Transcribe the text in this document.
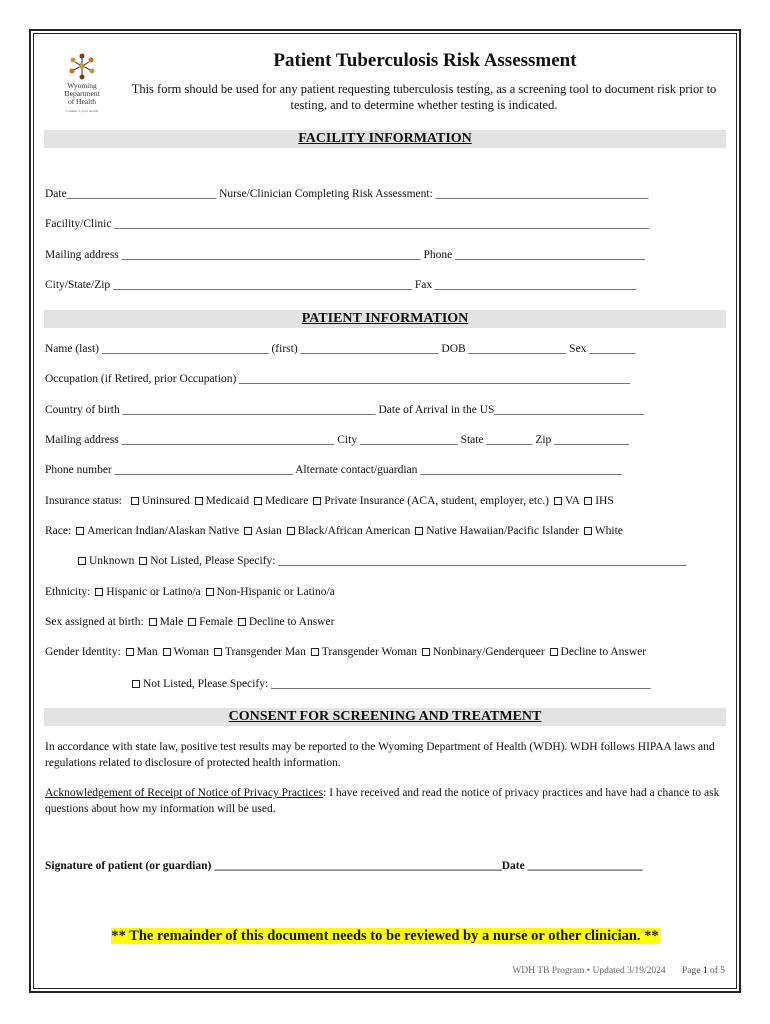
Wyoming
Department
of Health
Commit to your health.
Patient Tuberculosis Risk Assessment
This form should be used for any patient requesting tuberculosis testing, as a screening tool to document risk prior to testing, and to determine whether testing is indicated.
FACILITY INFORMATION
Date__________________________ Nurse/Clinician Completing Risk Assessment: _____________________________________
Facility/Clinic _____________________________________________________________________________________________
Mailing address ____________________________________________________ Phone _________________________________
City/State/Zip ____________________________________________________ Fax ___________________________________
PATIENT INFORMATION
Name (last) _____________________________ (first) ________________________ DOB _________________ Sex ________
Occupation (if Retired, prior Occupation) ____________________________________________________________________
Country of birth ____________________________________________ Date of Arrival in the US__________________________
Mailing address _____________________________________ City _________________ State ________ Zip _____________
Phone number _______________________________ Alternate contact/guardian ___________________________________
Insurance status: Uninsured Medicaid Medicare Private Insurance (ACA, student, employer, etc.) VA IHS
Race: American Indian/Alaskan Native Asian Black/African American Native Hawaiian/Pacific Islander White
Unknown Not Listed, Please Specify: _______________________________________________________________________
Ethnicity: Hispanic or Latino/a Non-Hispanic or Latino/a
Sex assigned at birth: Male Female Decline to Answer
Gender Identity: Man Woman Transgender Man Transgender Woman Nonbinary/Genderqueer Decline to Answer
Not Listed, Please Specify: __________________________________________________________________
CONSENT FOR SCREENING AND TREATMENT
In accordance with state law, positive test results may be reported to the Wyoming Department of Health (WDH). WDH follows HIPAA laws and regulations related to disclosure of protected health information.
Acknowledgement of Receipt of Notice of Privacy Practices: I have received and read the notice of privacy practices and have had a chance to ask questions about how my information will be used.
Signature of patient (or guardian) __________________________________________________Date ____________________
** The remainder of this document needs to be reviewed by a nurse or other clinician. **
WDH TB Program • Updated 3/19/2024 Page 1 of 5
